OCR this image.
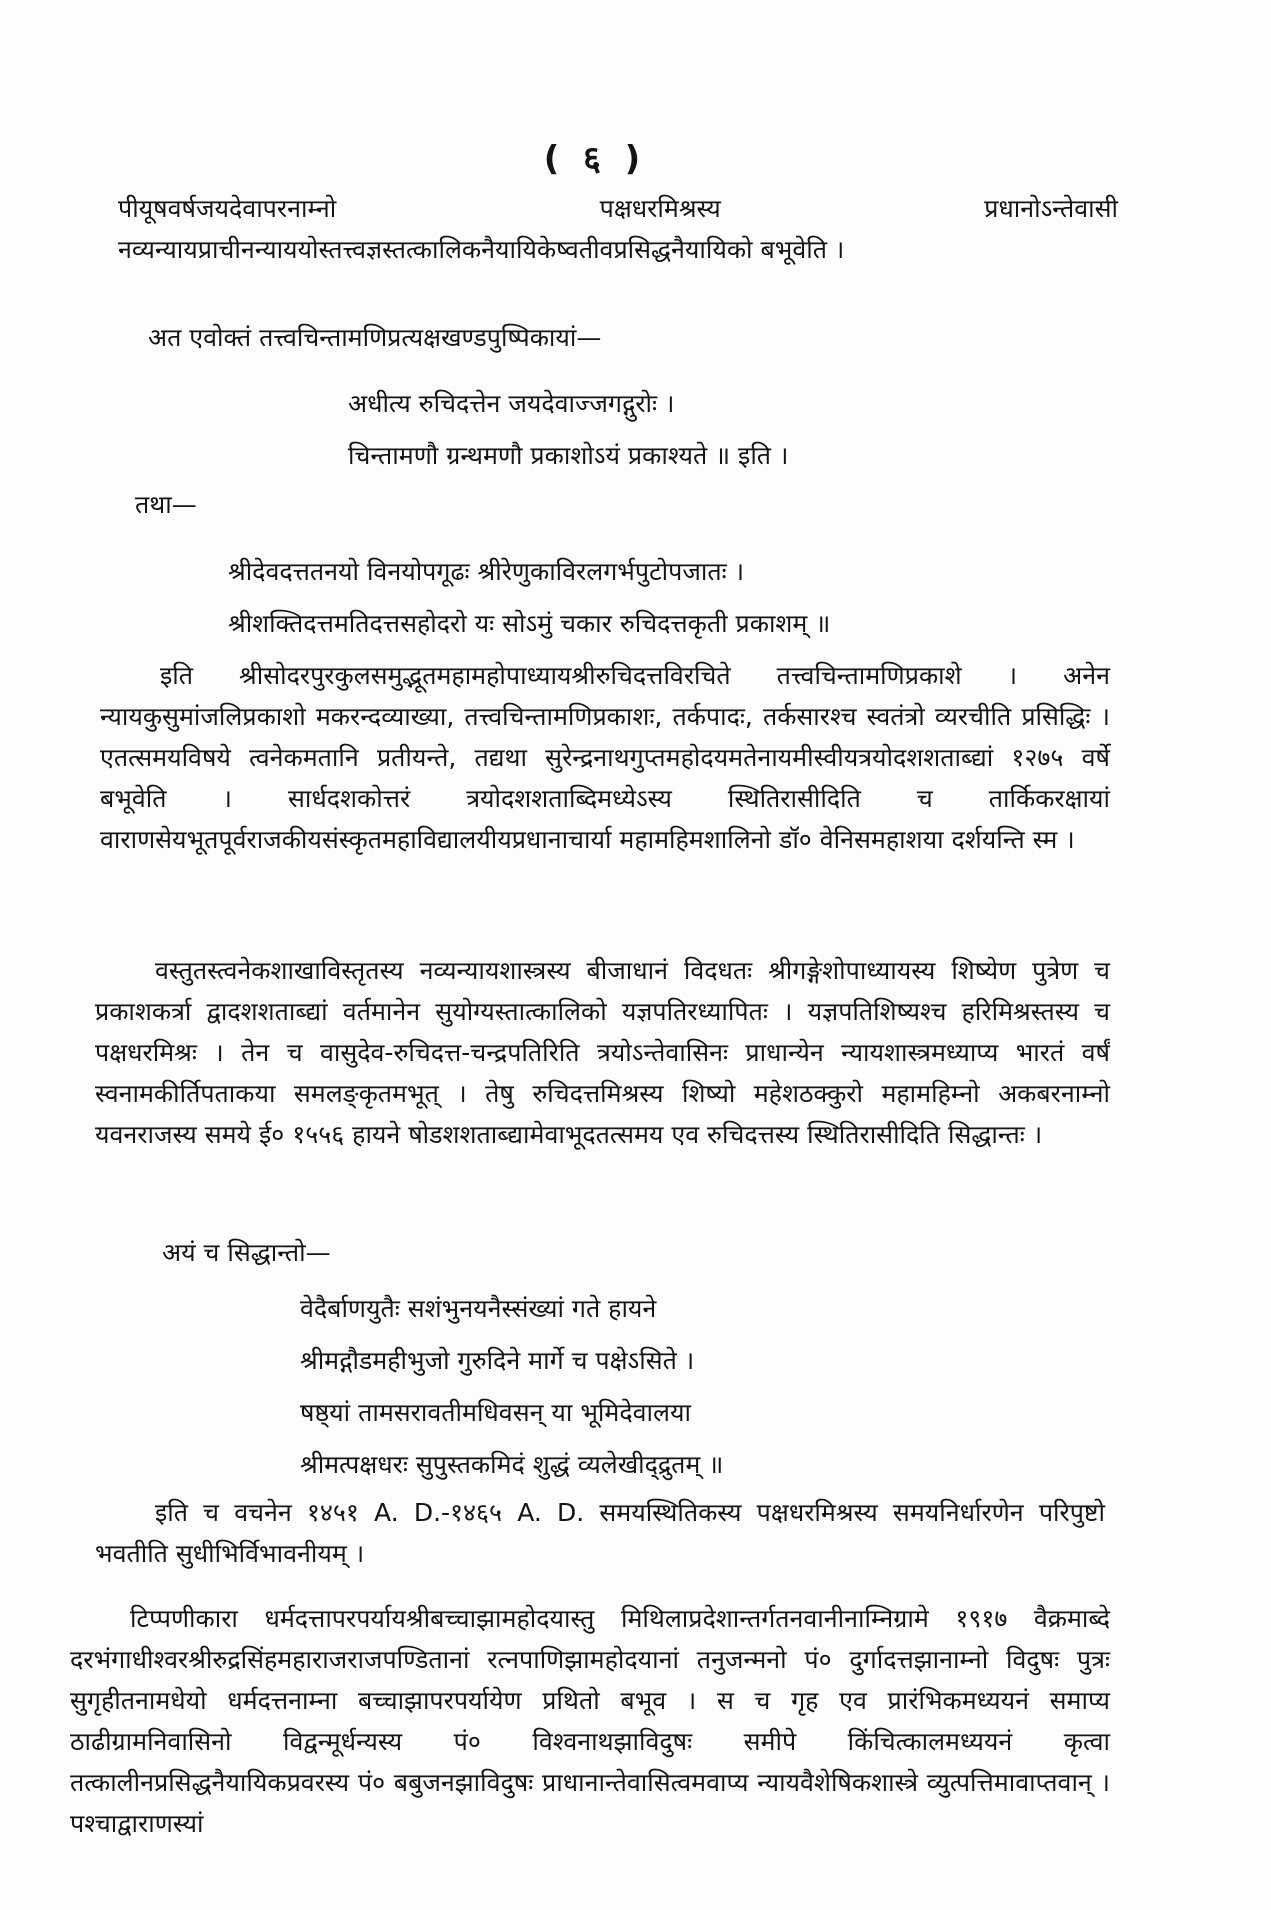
( ६ )

पीयूषवर्षजयदेवापरनाम्नो पक्षधरमिश्रस्य प्रधानोऽन्तेवासी नव्यन्यायप्राचीनन्याययोस्तत्त्वज्ञस्तत्कालिकनैयायिकेष्वतीवप्रसिद्धनैयायिको बभूवेति ।

अत एवोक्तं तत्त्वचिन्तामणिप्रत्यक्षखण्डपुष्पिकायां—

अधीत्य रुचिदत्तेन जयदेवाज्जगद्गुरोः ।
चिन्तामणौ ग्रन्थमणौ प्रकाशोऽयं प्रकाश्यते ॥ इति ।

तथा—

श्रीदेवदत्ततनयो विनयोपगूढः श्रीरेणुकाविरलगर्भपुटोपजातः ।
श्रीशक्तिदत्तमतिदत्तसहोदरो यः सोऽमुं चकार रुचिदत्तकृती प्रकाशम् ॥

इति श्रीसोदरपुरकुलसमुद्भूतमहामहोपाध्यायश्रीरुचिदत्तविरचिते तत्त्वचिन्तामणिप्रकाशे । अनेन न्यायकुसुमांजलिप्रकाशो मकरन्दव्याख्या, तत्त्वचिन्तामणिप्रकाशः, तर्कपादः, तर्कसारश्च स्वतंत्रो व्यरचीति प्रसिद्धिः । एतत्समयविषये त्वनेकमतानि प्रतीयन्ते, तद्यथा सुरेन्द्रनाथगुप्तमहोदयमतेनायमीस्वीयत्रयोदशशताब्द्यां १२७५ वर्षे बभूवेति । सार्धदशकोत्तरं त्रयोदशशताब्दिमध्येऽस्य स्थितिरासीदिति च तार्किकरक्षायां वाराणसेयभूतपूर्वराजकीयसंस्कृतमहाविद्यालयीयप्रधानाचार्या महामहिमशालिनो डॉ० वेनिसमहाशया दर्शयन्ति स्म ।

वस्तुतस्त्वनेकशाखाविस्तृतस्य नव्यन्यायशास्त्रस्य बीजाधानं विदधतः श्रीगङ्गेशोपाध्यायस्य शिष्येण पुत्रेण च प्रकाशकर्त्रा द्वादशशताब्द्यां वर्तमानेन सुयोग्यस्तात्कालिको यज्ञपतिरध्यापितः । यज्ञपतिशिष्यश्च हरिमिश्रस्तस्य च पक्षधरमिश्रः । तेन च वासुदेव-रुचिदत्त-चन्द्रपतिरिति त्रयोऽन्तेवासिनः प्राधान्येन न्यायशास्त्रमध्याप्य भारतं वर्षं स्वनामकीर्तिपताकया समलङ्कृतमभूत् । तेषु रुचिदत्तमिश्रस्य शिष्यो महेशठक्कुरो महामहिम्नो अकबरनाम्नो यवनराजस्य समये ई० १५५६ हायने षोडशशताब्द्यामेवाभूदतत्समय एव रुचिदत्तस्य स्थितिरासीदिति सिद्धान्तः ।

अयं च सिद्धान्तो—

वेदैर्बाणयुतैः सशंभुनयनैस्संख्यां गते हायने
श्रीमद्गौडमहीभुजो गुरुदिने मार्गे च पक्षेऽसिते ।
षष्ठ्यां तामसरावतीमधिवसन् या भूमिदेवालया
श्रीमत्पक्षधरः सुपुस्तकमिदं शुद्धं व्यलेखीद्द्रुतम् ॥

इति च वचनेन १४५१ A. D.-१४६५ A. D. समयस्थितिकस्य पक्षधरमिश्रस्य समयनिर्धारणेन परिपुष्टो भवतीति सुधीभिर्विभावनीयम् ।

टिप्पणीकारा धर्मदत्तापरपर्यायश्रीबच्चाझामहोदयास्तु मिथिलाप्रदेशान्तर्गतनवानीनाम्निग्रामे १९१७ वैक्रमाब्दे दरभंगाधीश्वरश्रीरुद्रसिंहमहाराजराजपण्डितानां रत्नपाणिझामहोदयानां तनुजन्मनो पं० दुर्गादत्तझानाम्नो विदुषः पुत्रः सुगृहीतनामधेयो धर्मदत्तनाम्ना बच्चाझापरपर्यायेण प्रथितो बभूव । स च गृह एव प्रारंभिकमध्ययनं समाप्य ठाढीग्रामनिवासिनो विद्वन्मूर्धन्यस्य पं० विश्वनाथझाविदुषः समीपे किंचित्कालमध्ययनं कृत्वा तत्कालीनप्रसिद्धनैयायिकप्रवरस्य पं० बबुजनझाविदुषः प्राधानान्तेवासित्वमवाप्य न्यायवैशेषिकशास्त्रे व्युत्पत्तिमावाप्तवान् । पश्चाद्वाराणस्यां
